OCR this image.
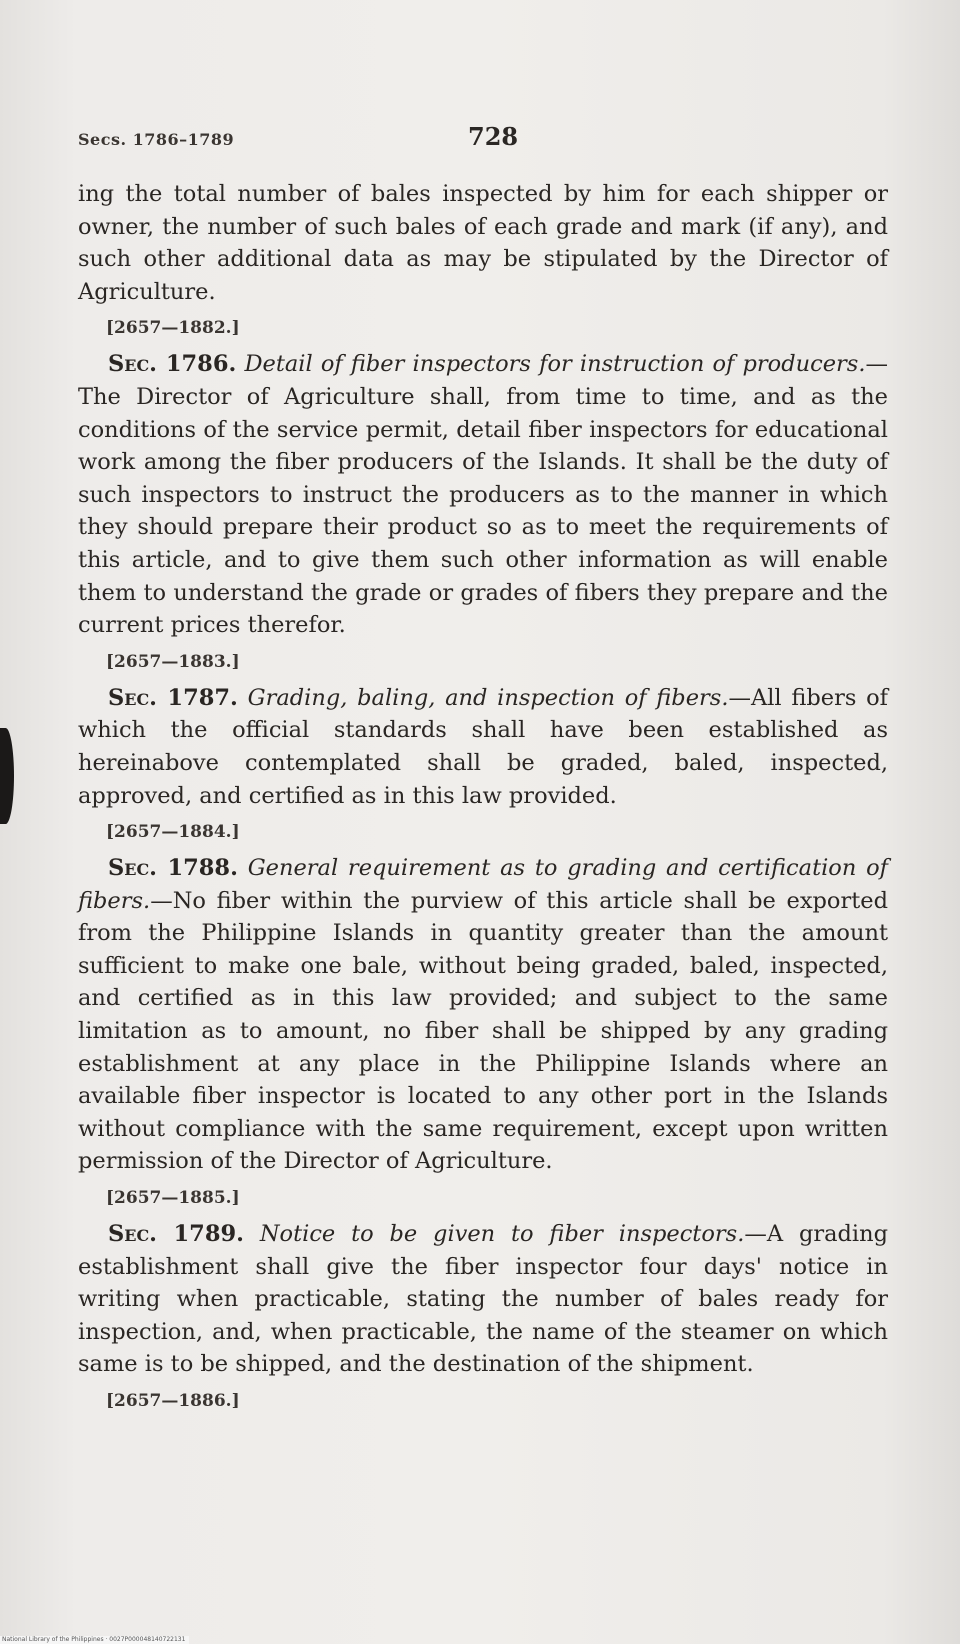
Secs. 1786–1789	728

ing the total number of bales inspected by him for each shipper or owner, the number of such bales of each grade and mark (if any), and such other additional data as may be stipulated by the Director of Agriculture.

[2657—1882.]

Sec. 1786. Detail of fiber inspectors for instruction of producers.—The Director of Agriculture shall, from time to time, and as the conditions of the service permit, detail fiber inspectors for educational work among the fiber producers of the Islands. It shall be the duty of such inspectors to instruct the producers as to the manner in which they should prepare their product so as to meet the requirements of this article, and to give them such other information as will enable them to understand the grade or grades of fibers they prepare and the current prices therefor.

[2657—1883.]

Sec. 1787. Grading, baling, and inspection of fibers.—All fibers of which the official standards shall have been established as hereinabove contemplated shall be graded, baled, inspected, approved, and certified as in this law provided.

[2657—1884.]

Sec. 1788. General requirement as to grading and certification of fibers.—No fiber within the purview of this article shall be exported from the Philippine Islands in quantity greater than the amount sufficient to make one bale, without being graded, baled, inspected, and certified as in this law provided; and subject to the same limitation as to amount, no fiber shall be shipped by any grading establishment at any place in the Philippine Islands where an available fiber inspector is located to any other port in the Islands without compliance with the same requirement, except upon written permission of the Director of Agriculture.

[2657—1885.]

Sec. 1789. Notice to be given to fiber inspectors.—A grading establishment shall give the fiber inspector four days' notice in writing when practicable, stating the number of bales ready for inspection, and, when practicable, the name of the steamer on which same is to be shipped, and the destination of the shipment.

[2657—1886.]
National Library of the Philippines · 0027P000048140722131
